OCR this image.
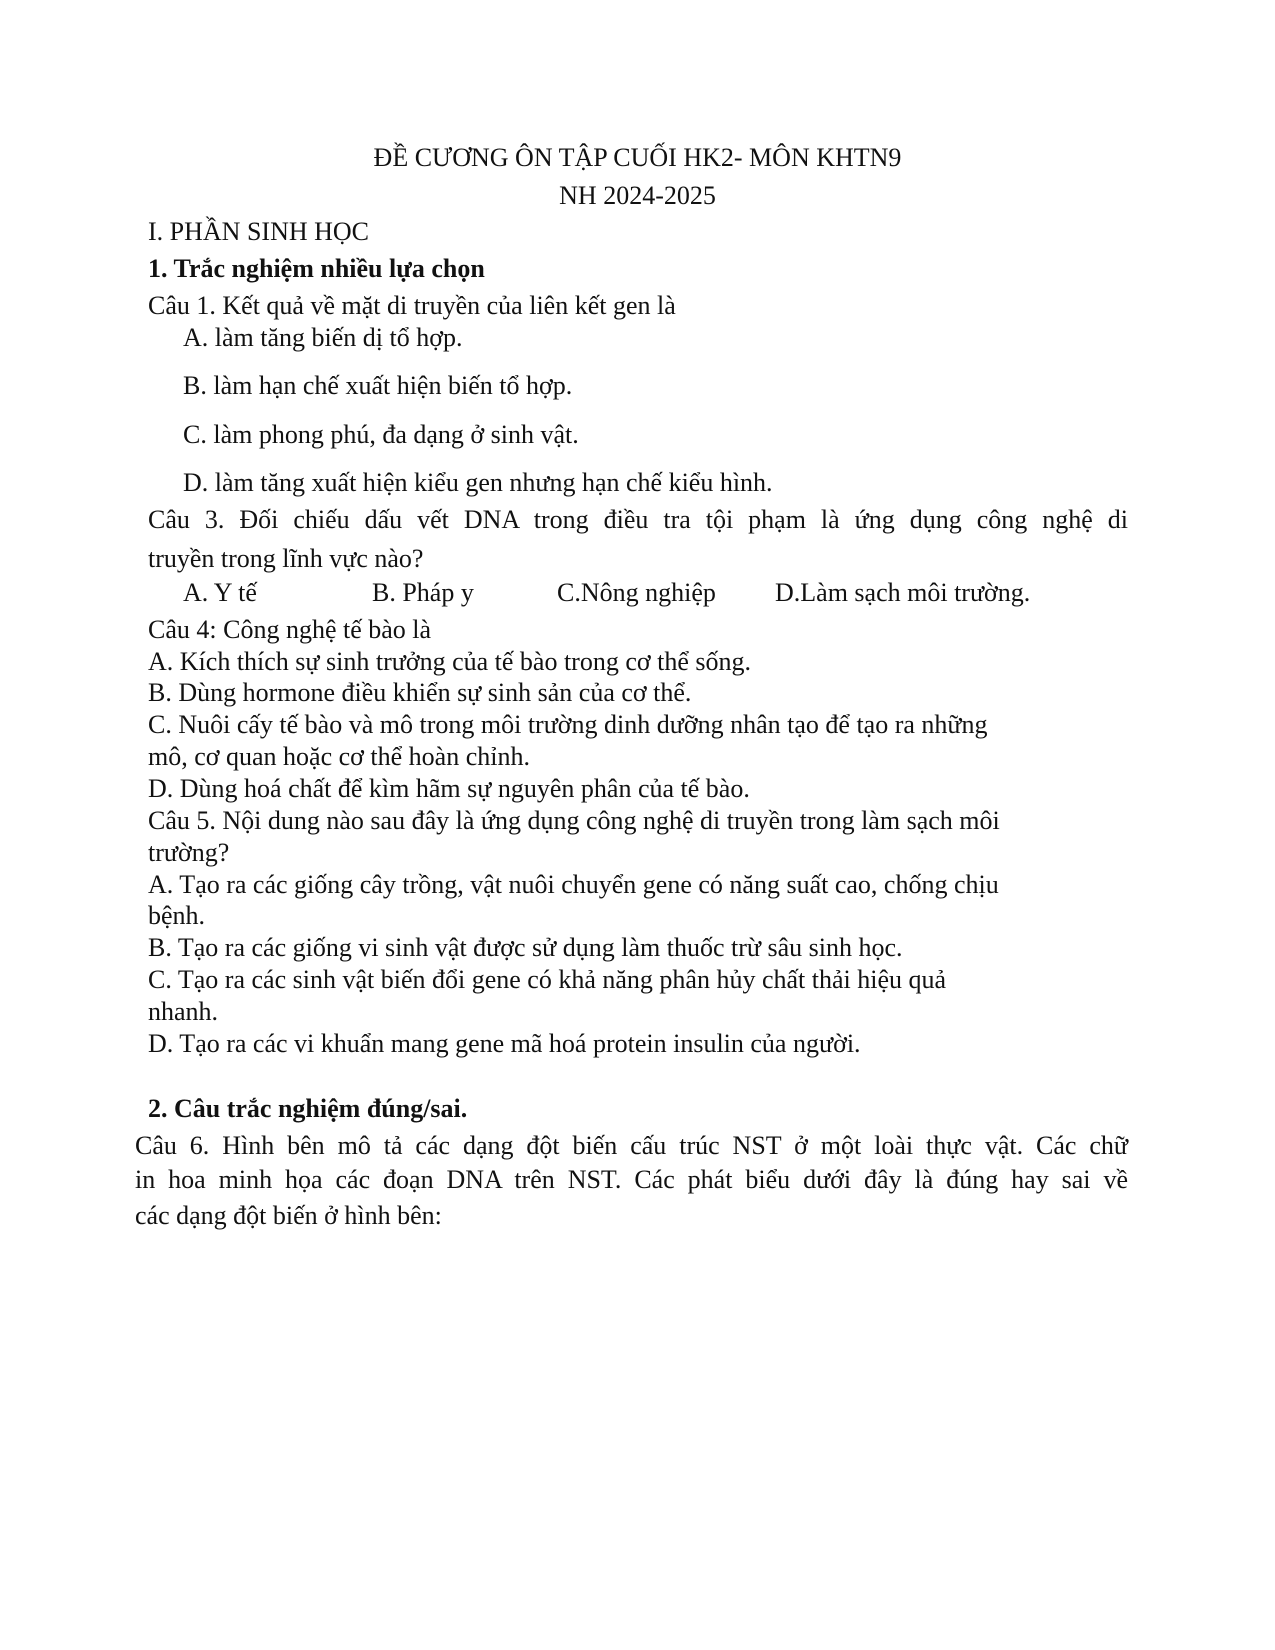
ĐỀ CƯƠNG ÔN TẬP CUỐI HK2- MÔN KHTN9
NH 2024-2025
I. PHẦN SINH HỌC
1. Trắc nghiệm nhiều lựa chọn
Câu 1. Kết quả về mặt di truyền của liên kết gen là
A. làm tăng biến dị tổ hợp.
B. làm hạn chế xuất hiện biến tổ hợp.
C. làm phong phú, đa dạng ở sinh vật.
D. làm tăng xuất hiện kiểu gen nhưng hạn chế kiểu hình.
Câu 3. Đối chiếu dấu vết DNA trong điều tra tội phạm là ứng dụng công nghệ di
truyền trong lĩnh vực nào?
A. Y tế	B. Pháp y	C.Nông nghiệp D.Làm sạch môi trường.
Câu 4: Công nghệ tế bào là
A. Kích thích sự sinh trưởng của tế bào trong cơ thể sống.
B. Dùng hormone điều khiển sự sinh sản của cơ thể.
C. Nuôi cấy tế bào và mô trong môi trường dinh dưỡng nhân tạo để tạo ra những
mô, cơ quan hoặc cơ thể hoàn chỉnh.
D. Dùng hoá chất để kìm hãm sự nguyên phân của tế bào.
Câu 5. Nội dung nào sau đây là ứng dụng công nghệ di truyền trong làm sạch môi
trường?
A. Tạo ra các giống cây trồng, vật nuôi chuyển gene có năng suất cao, chống chịu
bệnh.
B. Tạo ra các giống vi sinh vật được sử dụng làm thuốc trừ sâu sinh học.
C. Tạo ra các sinh vật biến đổi gene có khả năng phân hủy chất thải hiệu quả
nhanh.
D. Tạo ra các vi khuẩn mang gene mã hoá protein insulin của người.
2. Câu trắc nghiệm đúng/sai.
Câu 6. Hình bên mô tả các dạng đột biến cấu trúc NST ở một loài thực vật. Các chữ
in hoa minh họa các đoạn DNA trên NST. Các phát biểu dưới đây là đúng hay sai về
các dạng đột biến ở hình bên:
